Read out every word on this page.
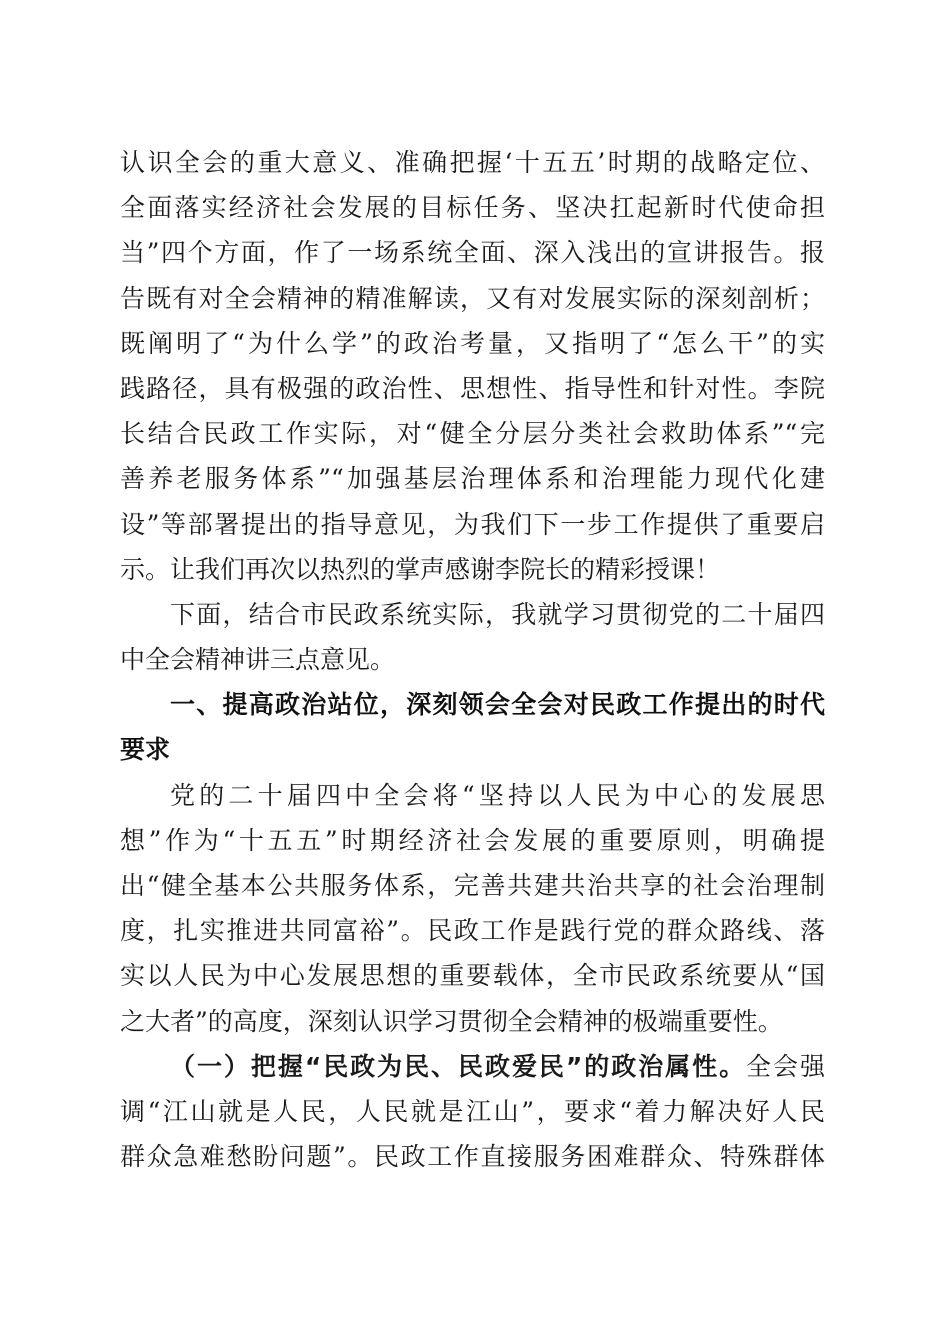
认识全会的重大意义、准确把握‘十五五’时期的战略定位、
全面落实经济社会发展的目标任务、坚决扛起新时代使命担
当”四个方面，作了一场系统全面、深入浅出的宣讲报告。报
告既有对全会精神的精准解读，又有对发展实际的深刻剖析；
既阐明了“为什么学”的政治考量，又指明了“怎么干”的实
践路径，具有极强的政治性、思想性、指导性和针对性。李院
长结合民政工作实际，对“健全分层分类社会救助体系”“完
善养老服务体系”“加强基层治理体系和治理能力现代化建
设”等部署提出的指导意见，为我们下一步工作提供了重要启
示。让我们再次以热烈的掌声感谢李院长的精彩授课！
下面，结合市民政系统实际，我就学习贯彻党的二十届四
中全会精神讲三点意见。
一、提高政治站位，深刻领会全会对民政工作提出的时代
要求
党的二十届四中全会将“坚持以人民为中心的发展思
想”作为“十五五”时期经济社会发展的重要原则，明确提
出“健全基本公共服务体系，完善共建共治共享的社会治理制
度，扎实推进共同富裕”。民政工作是践行党的群众路线、落
实以人民为中心发展思想的重要载体，全市民政系统要从“国
之大者”的高度，深刻认识学习贯彻全会精神的极端重要性。
（一）把握“民政为民、民政爱民”的政治属性。全会强
调“江山就是人民，人民就是江山”，要求“着力解决好人民
群众急难愁盼问题”。民政工作直接服务困难群众、特殊群体
